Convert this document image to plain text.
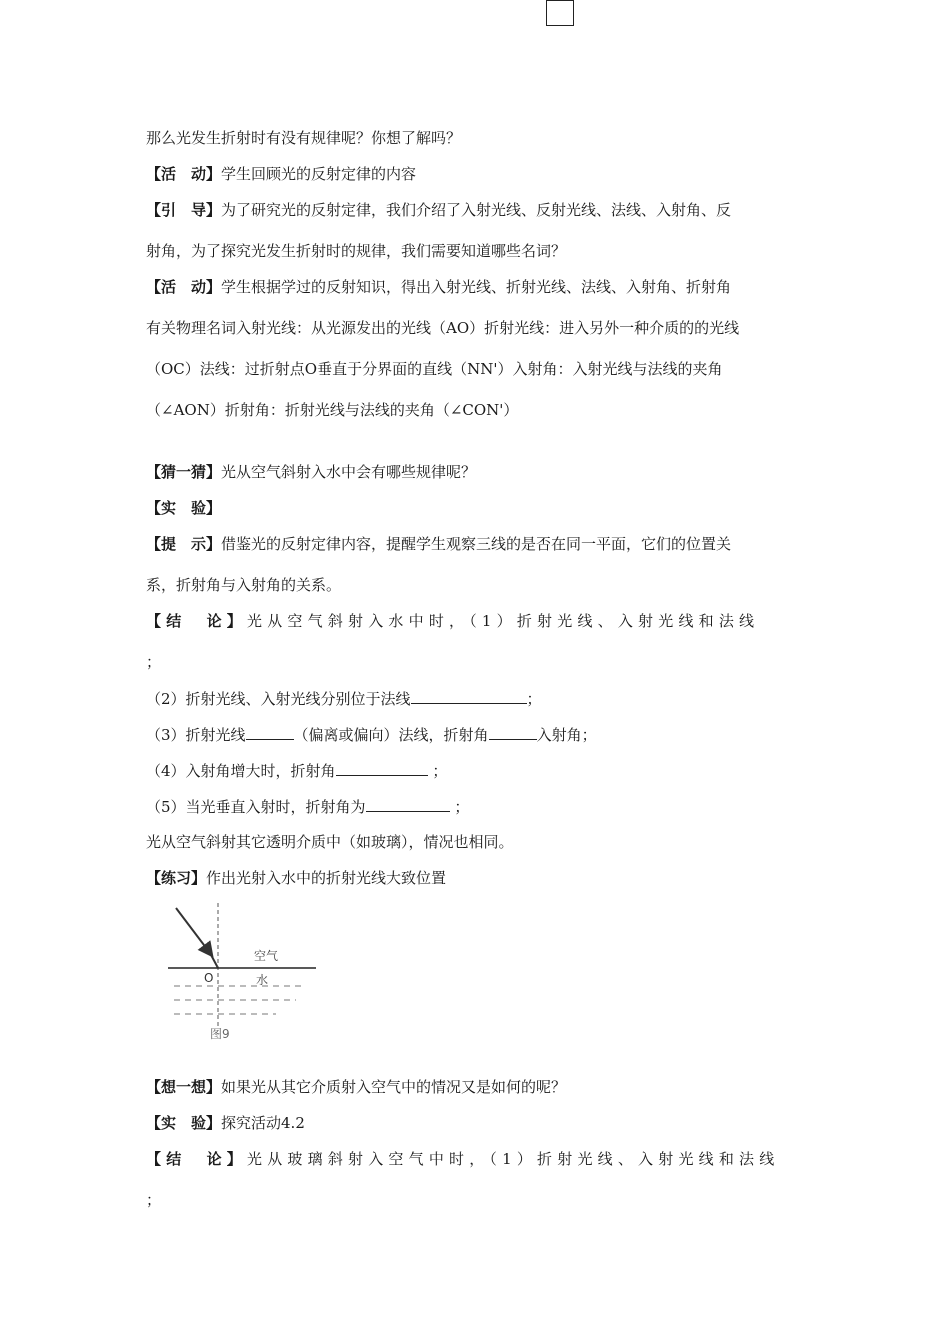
那么光发生折射时有没有规律呢？你想了解吗？
【活　动】学生回顾光的反射定律的内容
【引　导】为了研究光的反射定律，我们介绍了入射光线、反射光线、法线、入射角、反
射角，为了探究光发生折射时的规律，我们需要知道哪些名词？
【活　动】学生根据学过的反射知识，得出入射光线、折射光线、法线、入射角、折射角
有关物理名词入射光线：从光源发出的光线（AO）折射光线：进入另外一种介质的的光线
（OC）法线：过折射点O垂直于分界面的直线（NN'）入射角：入射光线与法线的夹角
（∠AON）折射角：折射光线与法线的夹角（∠CON'）
【猜一猜】光从空气斜射入水中会有哪些规律呢？
【实　验】
【提　示】借鉴光的反射定律内容，提醒学生观察三线的是否在同一平面，它们的位置关
系，折射角与入射角的关系。
【结　论】光从空气斜射入水中时，（1）折射光线、入射光线和法线
；
（2）折射光线、入射光线分别位于法线	；
（3）折射光线	（偏离或偏向）法线，折射角	入射角；
（4）入射角增大时，折射角	；
（5）当光垂直入射时，折射角为	；
光从空气斜射其它透明介质中（如玻璃），情况也相同。
【练习】作出光射入水中的折射光线大致位置
空气
水
O
图9
【想一想】如果光从其它介质射入空气中的情况又是如何的呢？
【实　验】探究活动4.2
【结　论】光从玻璃斜射入空气中时，（1）折射光线、入射光线和法线
；
